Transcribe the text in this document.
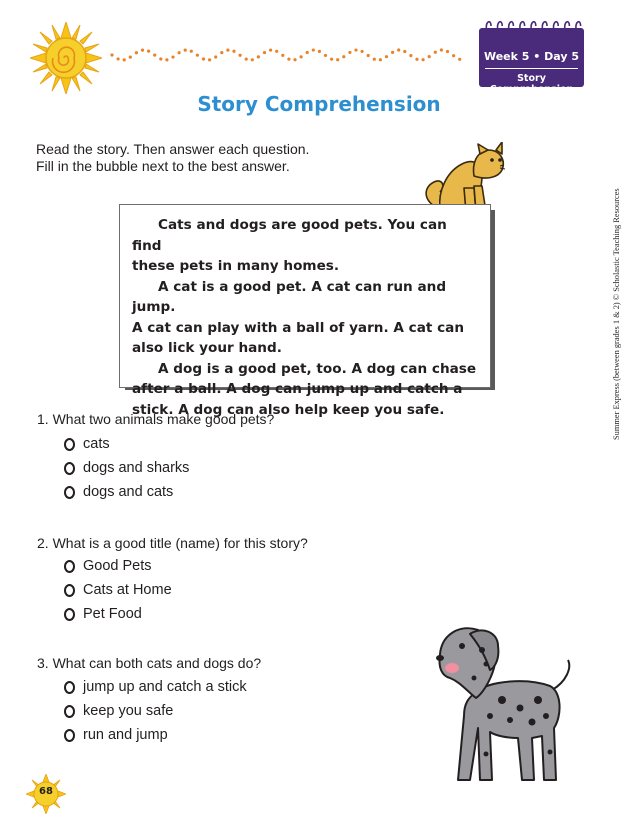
Week 5 • Day 5
Story Comprehension
Story Comprehension
Read the story. Then answer each question.
Fill in the bubble next to the best answer.
Summer Express (between grades 1 & 2) © Scholastic Teaching Resources

Cats and dogs are good pets. You can find

these pets in many homes.

A cat is a good pet. A cat can run and jump.

A cat can play with a ball of yarn. A cat can

also lick your hand.

A dog is a good pet, too. A dog can chase

after a ball. A dog can jump up and catch a

stick. A dog can also help keep you safe.

1. What two animals make good pets?
cats
dogs and sharks
dogs and cats
2. What is a good title (name) for this story?
Good Pets
Cats at Home
Pet Food
3. What can both cats and dogs do?
jump up and catch a stick
keep you safe
run and jump
68
